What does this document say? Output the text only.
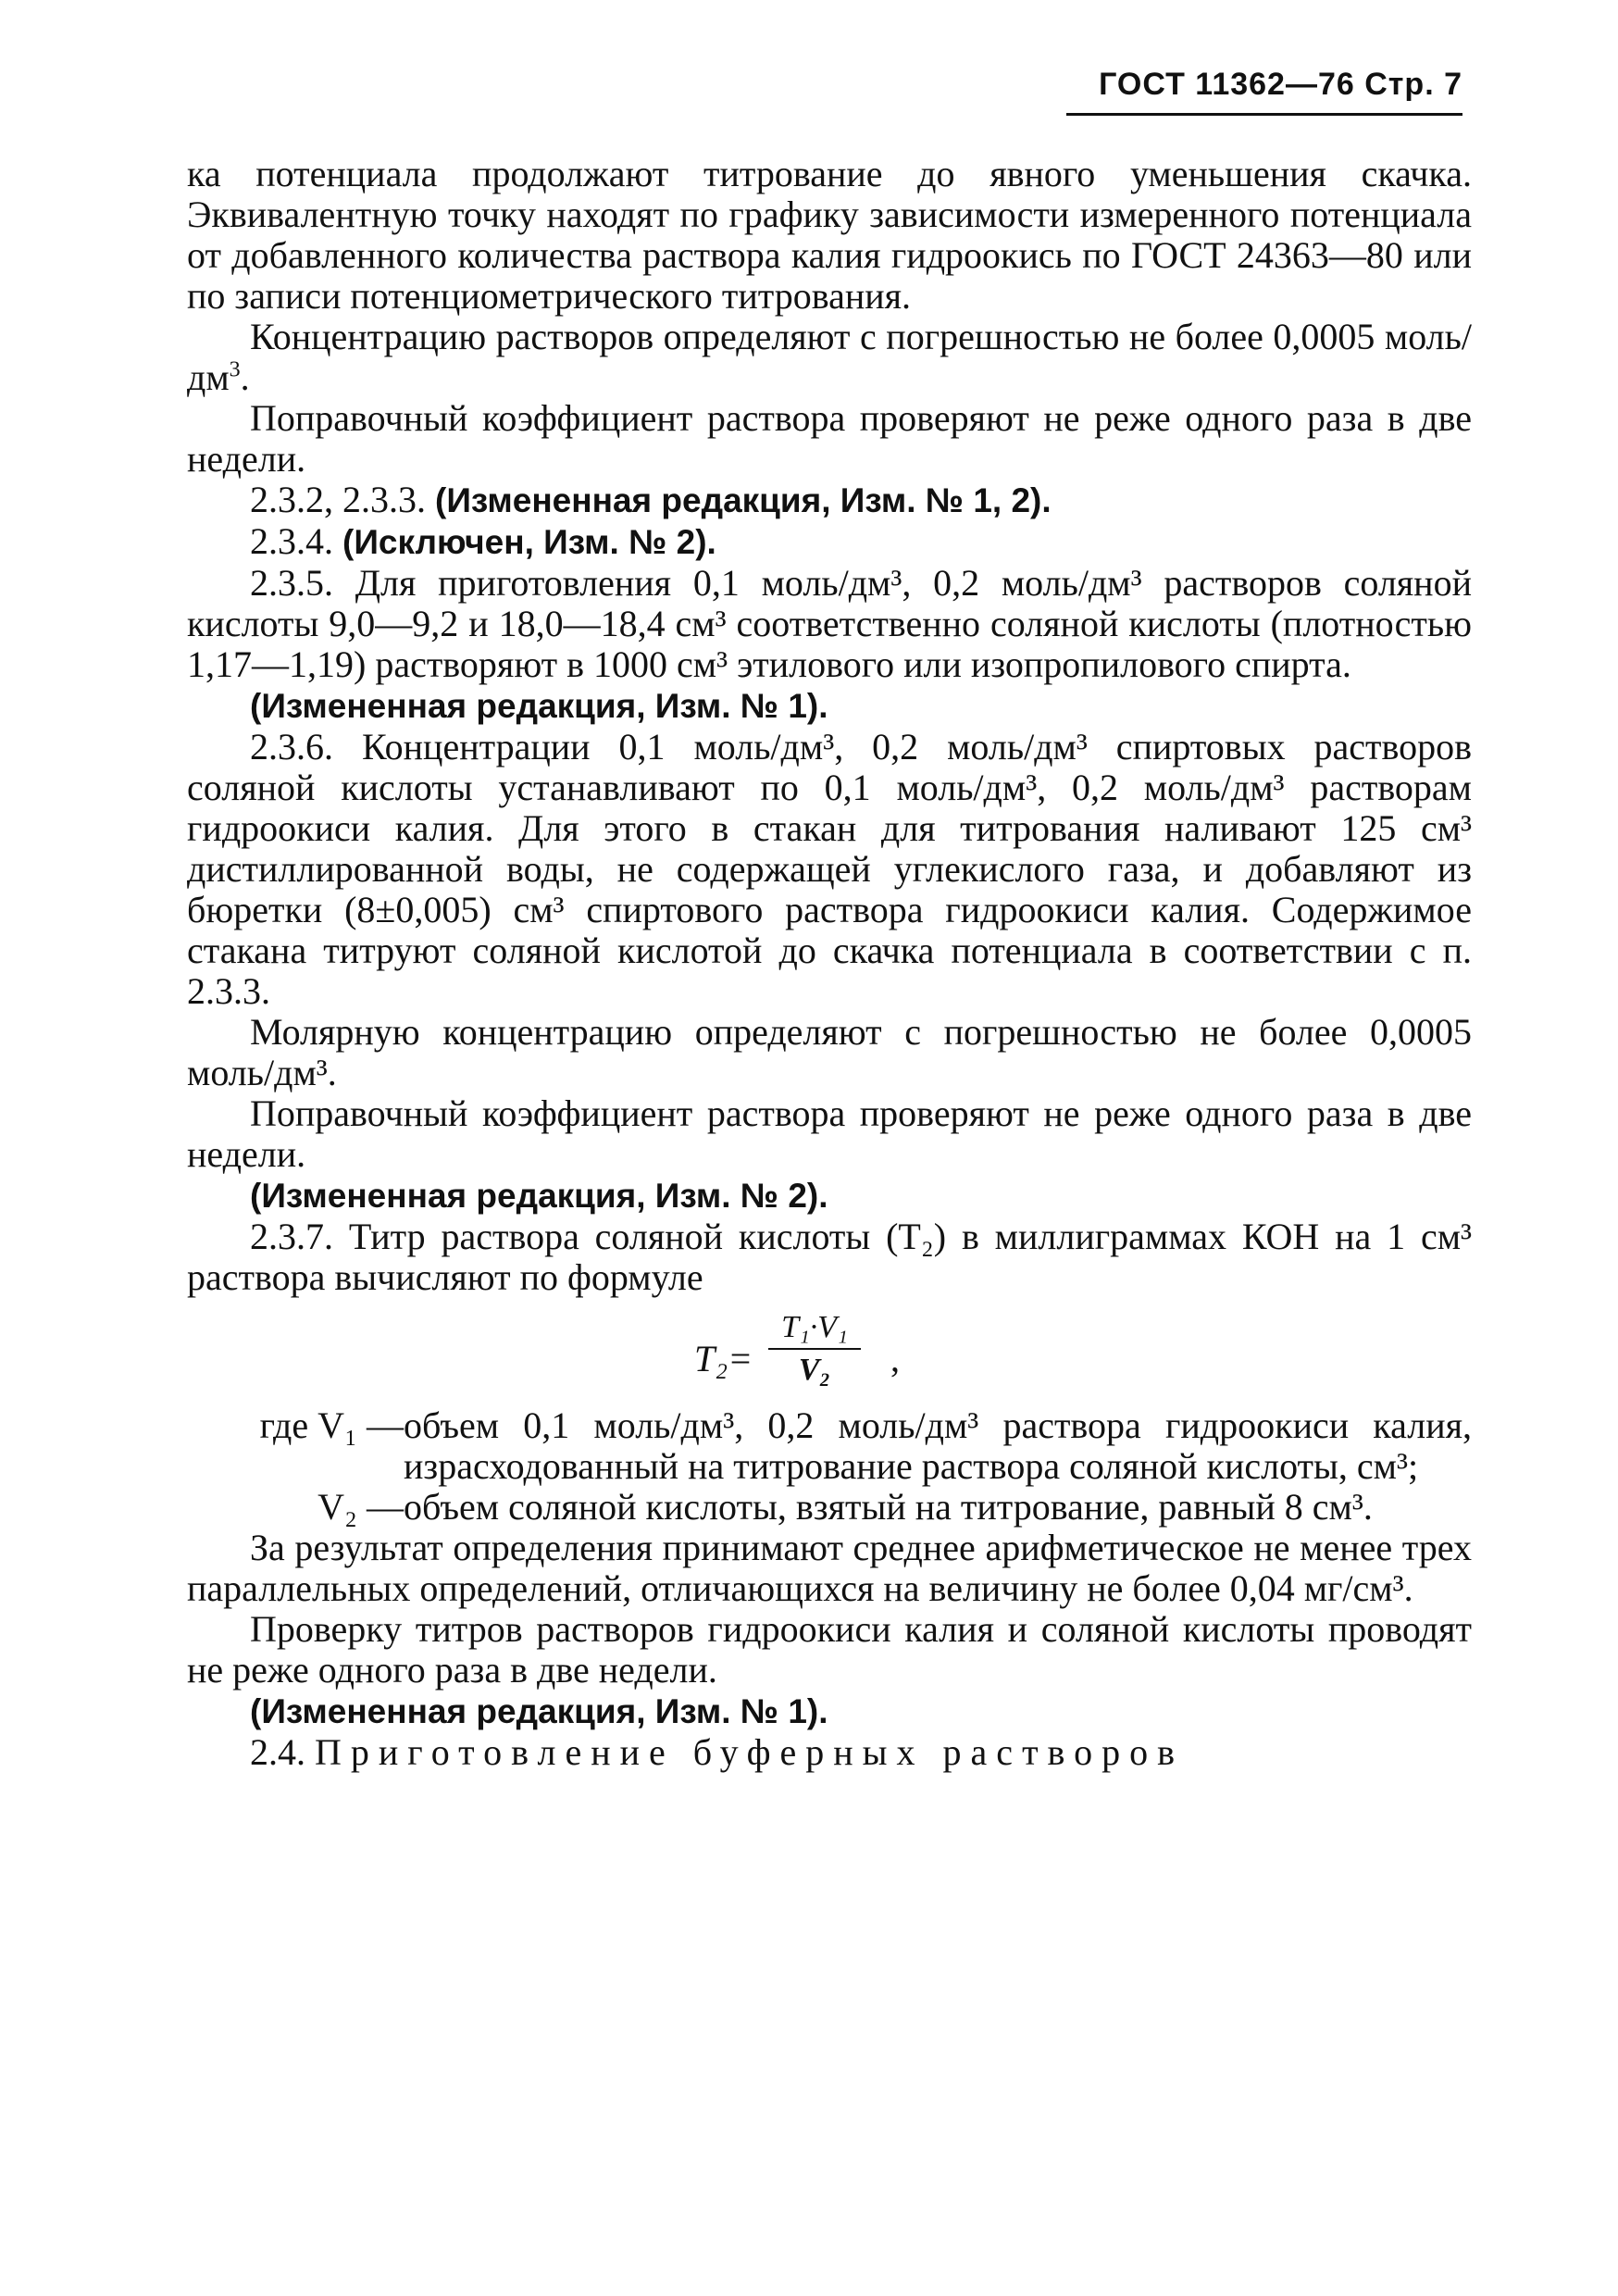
ГОСТ 11362—76 Стр. 7

ка потенциала продолжают титрование до явного уменьшения скачка. Эквивалентную точку находят по графику зависимости измеренного потенциала от добавленного количества раствора калия гидроокись по ГОСТ 24363—80 или по записи потенциометрического титрования.

Концентрацию растворов определяют с погрешностью не более 0,0005 моль/$дм^3$.

Поправочный коэффициент раствора проверяют не реже одного раза в две недели.

2.3.2, 2.3.3. (Измененная редакция, Изм. № 1, 2).

2.3.4. (Исключен, Изм. № 2).

2.3.5. Для приготовления 0,1 моль/дм³, 0,2 моль/дм³ растворов соляной кислоты 9,0—9,2 и 18,0—18,4 см³ соответственно соляной кислоты (плотностью 1,17—1,19) растворяют в 1000 см³ этилового или изопропилового спирта.

(Измененная редакция, Изм. № 1).

2.3.6. Концентрации 0,1 моль/дм³, 0,2 моль/дм³ спиртовых растворов соляной кислоты устанавливают по 0,1 моль/дм³, 0,2 моль/дм³ растворам гидроокиси калия. Для этого в стакан для титрования наливают 125 см³ дистиллированной воды, не содержащей углекислого газа, и добавляют из бюретки (8±0,005) см³ спиртового раствора гидроокиси калия. Содержимое стакана титруют соляной кислотой до скачка потенциала в соответствии с п. 2.3.3.

Молярную концентрацию определяют с погрешностью не более 0,0005 моль/дм³.

Поправочный коэффициент раствора проверяют не реже одного раза в две недели.

(Измененная редакция, Изм. № 2).

2.3.7. Титр раствора соляной кислоты (T₂) в миллиграммах КОН на 1 см³ раствора вычисляют по формуле

T₂=
T₁·V₁
V₂	,
где V₁ — объем 0,1 моль/дм³, 0,2 моль/дм³ раствора гидроокиси калия, израсходованный на титрование раствора соляной кислоты, см³;
V₂ — объем соляной кислоты, взятый на титрование, равный 8 см³.

За результат определения принимают среднее арифметическое не менее трех параллельных определений, отличающихся на величину не более 0,04 мг/см³.

Проверку титров растворов гидроокиси калия и соляной кислоты проводят не реже одного раза в две недели.

(Измененная редакция, Изм. № 1).

2.4. Приготовление буферных растворов
